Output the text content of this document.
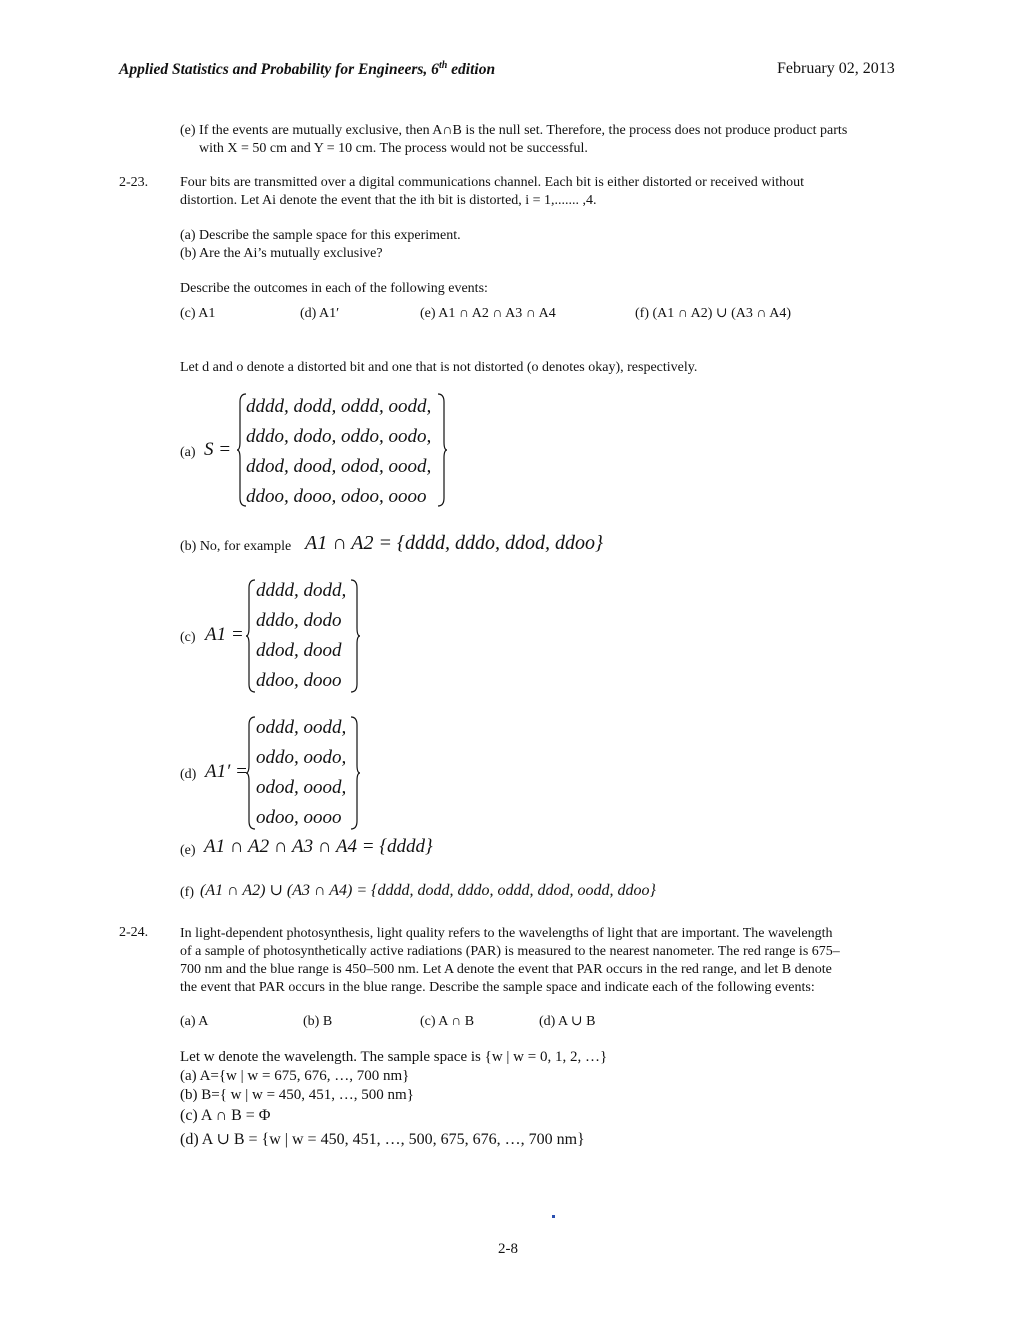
Applied Statistics and Probability for Engineers, 6th edition	February 02, 2013
(e) If the events are mutually exclusive, then A∩B is the null set. Therefore, the process does not produce product parts
with X = 50 cm and Y = 10 cm. The process would not be successful.
2-23. Four bits are transmitted over a digital communications channel. Each bit is either distorted or received without
distortion. Let Ai denote the event that the ith bit is distorted, i = 1,....... ,4.
(a) Describe the sample space for this experiment.
(b) Are the Ai’s mutually exclusive?
Describe the outcomes in each of the following events:
(c) A1	(d) A1′	(e) A1 ∩ A2 ∩ A3 ∩ A4	(f) (A1 ∩ A2) ∪ (A3 ∩ A4)
Let d and o denote a distorted bit and one that is not distorted (o denotes okay), respectively.
(a) S =
dddd, dodd, oddd, oodd,
dddo, dodo, oddo, oodo,
ddod, dood, odod, oood,
ddoo, dooo, odoo, oooo
(b) No, for example A1 ∩ A2 = {dddd, dddo, ddod, ddoo}
(c) A1 =
dddd, dodd,
dddo, dodo
ddod, dood
ddoo, dooo
(d) A1′ =
oddd, oodd,
oddo, oodo,
odod, oood,
odoo, oooo
(e) A1 ∩ A2 ∩ A3 ∩ A4 = {dddd}
(f) (A1 ∩ A2) ∪ (A3 ∩ A4) = {dddd, dodd, dddo, oddd, ddod, oodd, ddoo}
2-24. In light-dependent photosynthesis, light quality refers to the wavelengths of light that are important. The wavelength
of a sample of photosynthetically active radiations (PAR) is measured to the nearest nanometer. The red range is 675–
700 nm and the blue range is 450–500 nm. Let A denote the event that PAR occurs in the red range, and let B denote
the event that PAR occurs in the blue range. Describe the sample space and indicate each of the following events:
(a) A	(b) B	(c) A ∩ B	(d) A ∪ B
Let w denote the wavelength. The sample space is {w | w = 0, 1, 2, …}
(a) A={w | w = 675, 676, …, 700 nm}
(b) B={ w | w = 450, 451, …, 500 nm}
(c) A ∩ B = Φ
(d) A ∪ B = {w | w = 450, 451, …, 500, 675, 676, …, 700 nm}
2-8
